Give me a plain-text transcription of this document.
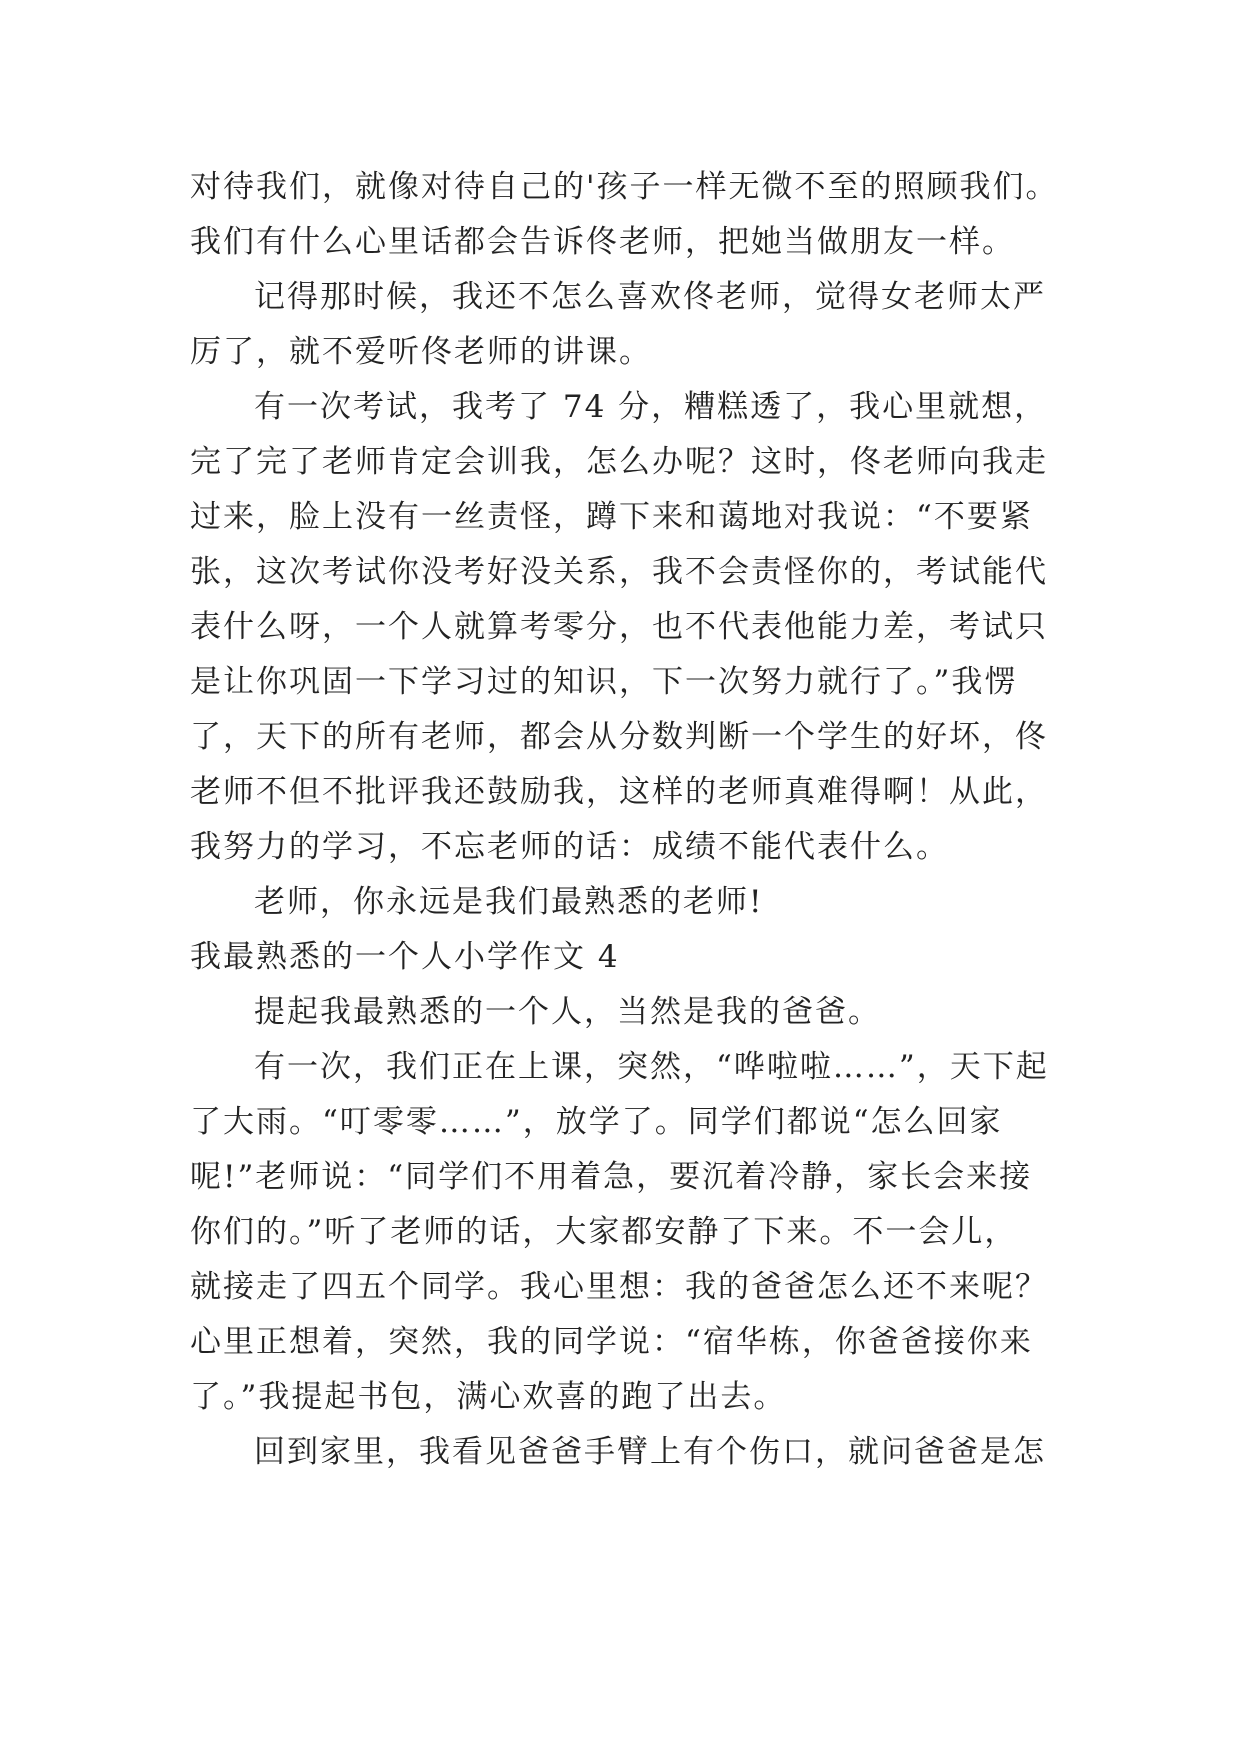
对待我们，就像对待自己的'孩子一样无微不至的照顾我们。
我们有什么心里话都会告诉佟老师，把她当做朋友一样。
记得那时候，我还不怎么喜欢佟老师，觉得女老师太严
厉了，就不爱听佟老师的讲课。
有一次考试，我考了 74 分，糟糕透了，我心里就想，
完了完了老师肯定会训我，怎么办呢？这时，佟老师向我走
过来，脸上没有一丝责怪，蹲下来和蔼地对我说：“不要紧
张，这次考试你没考好没关系，我不会责怪你的，考试能代
表什么呀，一个人就算考零分，也不代表他能力差，考试只
是让你巩固一下学习过的知识，下一次努力就行了。”我愣
了，天下的所有老师，都会从分数判断一个学生的好坏，佟
老师不但不批评我还鼓励我，这样的老师真难得啊！从此，
我努力的学习，不忘老师的话：成绩不能代表什么。
老师，你永远是我们最熟悉的老师!
我最熟悉的一个人小学作文 4
提起我最熟悉的一个人，当然是我的爸爸。
有一次，我们正在上课，突然，“哗啦啦……”，天下起
了大雨。“叮零零……”，放学了。同学们都说“怎么回家
呢!”老师说：“同学们不用着急，要沉着冷静，家长会来接
你们的。”听了老师的话，大家都安静了下来。不一会儿，
就接走了四五个同学。我心里想：我的爸爸怎么还不来呢？
心里正想着，突然，我的同学说：“宿华栋，你爸爸接你来
了。”我提起书包，满心欢喜的跑了出去。
回到家里，我看见爸爸手臂上有个伤口，就问爸爸是怎
